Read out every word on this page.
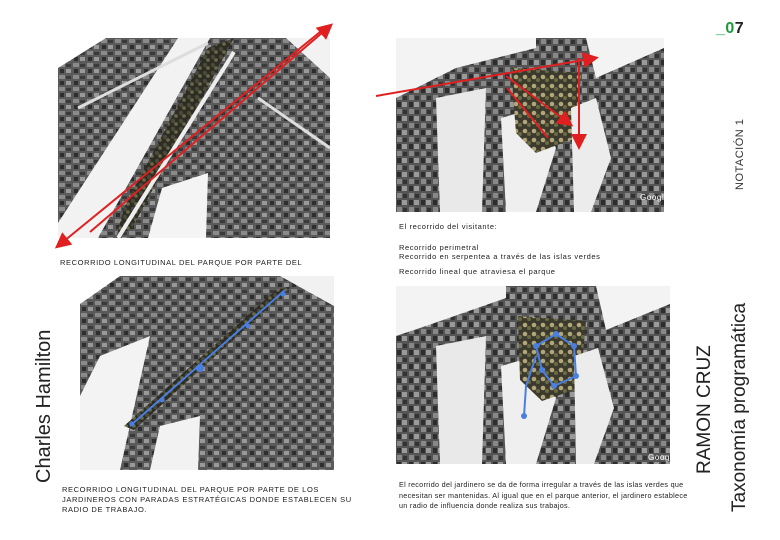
_07
NOTACIÓN 1
Charles Hamilton	RAMON CRUZ Taxonomía programática
Google
Google
El recorrido del visitante:
Recorrido perimetral
Recorrido en serpentea a través de las islas verdes
Recorrido lineal que atraviesa el parque
RECORRIDO LONGITUDINAL DEL PARQUE POR PARTE DEL
RECORRIDO LONGITUDINAL DEL PARQUE POR PARTE DE LOS JARDINEROS CON PARADAS ESTRATÉGICAS DONDE ESTABLECEN SU RADIO DE TRABAJO.
El recorrido del jardinero se da de forma irregular a través de las islas verdes que necesitan ser mantenidas. Al igual que en el parque anterior, el jardinero establece un radio de influencia donde realiza sus trabajos.
